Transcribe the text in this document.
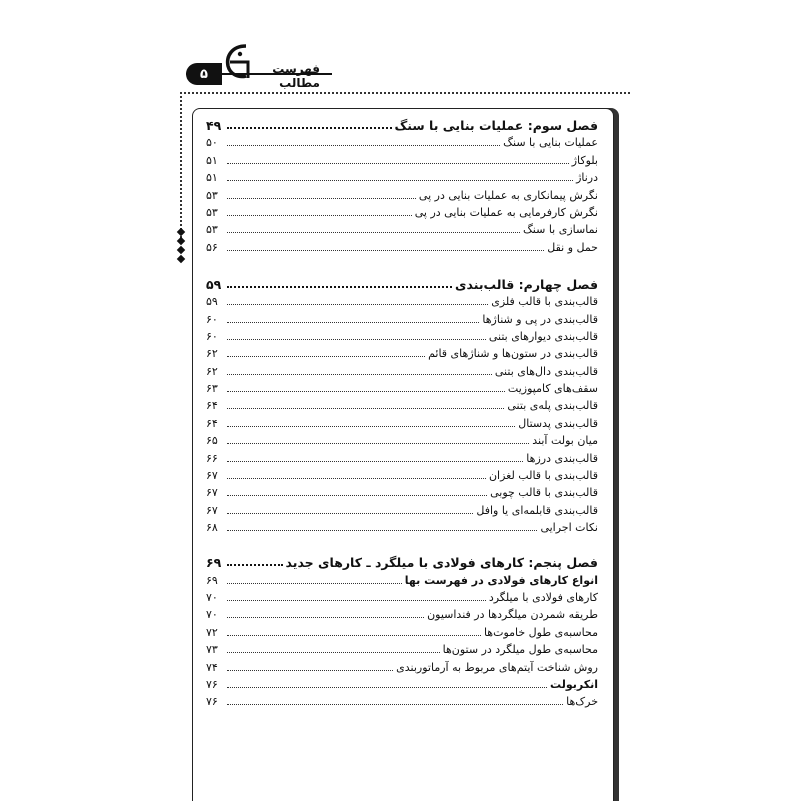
۵	فهرست مطالب
فصل سوم: عملیات بنایی با سنگ
۴۹
عملیات بنایی با سنگ
۵۰
بلوکاژ
۵۱
درناژ
۵۱
نگرش پیمانکاری به عملیات بنایی در پی
۵۳
نگرش کارفرمایی به عملیات بنایی در پی
۵۳
نماسازی با سنگ
۵۳
حمل و نقل
۵۶
فصل چهارم: قالب‌بندی
۵۹
قالب‌بندی با قالب فلزی
۵۹
قالب‌بندی در پی و شناژها
۶۰
قالب‌بندی دیوارهای بتنی
۶۰
قالب‌بندی در ستون‌ها و شناژهای قائم
۶۲
قالب‌بندی دال‌های بتنی
۶۲
سقف‌های کامپوزیت
۶۳
قالب‌بندی پله‌ی بتنی
۶۴
قالب‌بندی پدستال
۶۴
میان بولت آبند
۶۵
قالب‌بندی درزها
۶۶
قالب‌بندی با قالب لغزان
۶۷
قالب‌بندی با قالب چوبی
۶۷
قالب‌بندی قابلمه‌ای یا وافل
۶۷
نکات اجرایی
۶۸
فصل پنجم: کارهای فولادی با میلگرد ـ کارهای جدید
۶۹
انواع کارهای فولادی در فهرست بها
۶۹
کارهای فولادی با میلگرد
۷۰
طریقه شمردن میلگردها در فنداسیون
۷۰
محاسبه‌ی طول خاموت‌ها
۷۲
محاسبه‌ی طول میلگرد در ستون‌ها
۷۳
روش شناخت آیتم‌های مربوط به آرماتوربندی
۷۴
انکربولت
۷۶
خرک‌ها
۷۶
